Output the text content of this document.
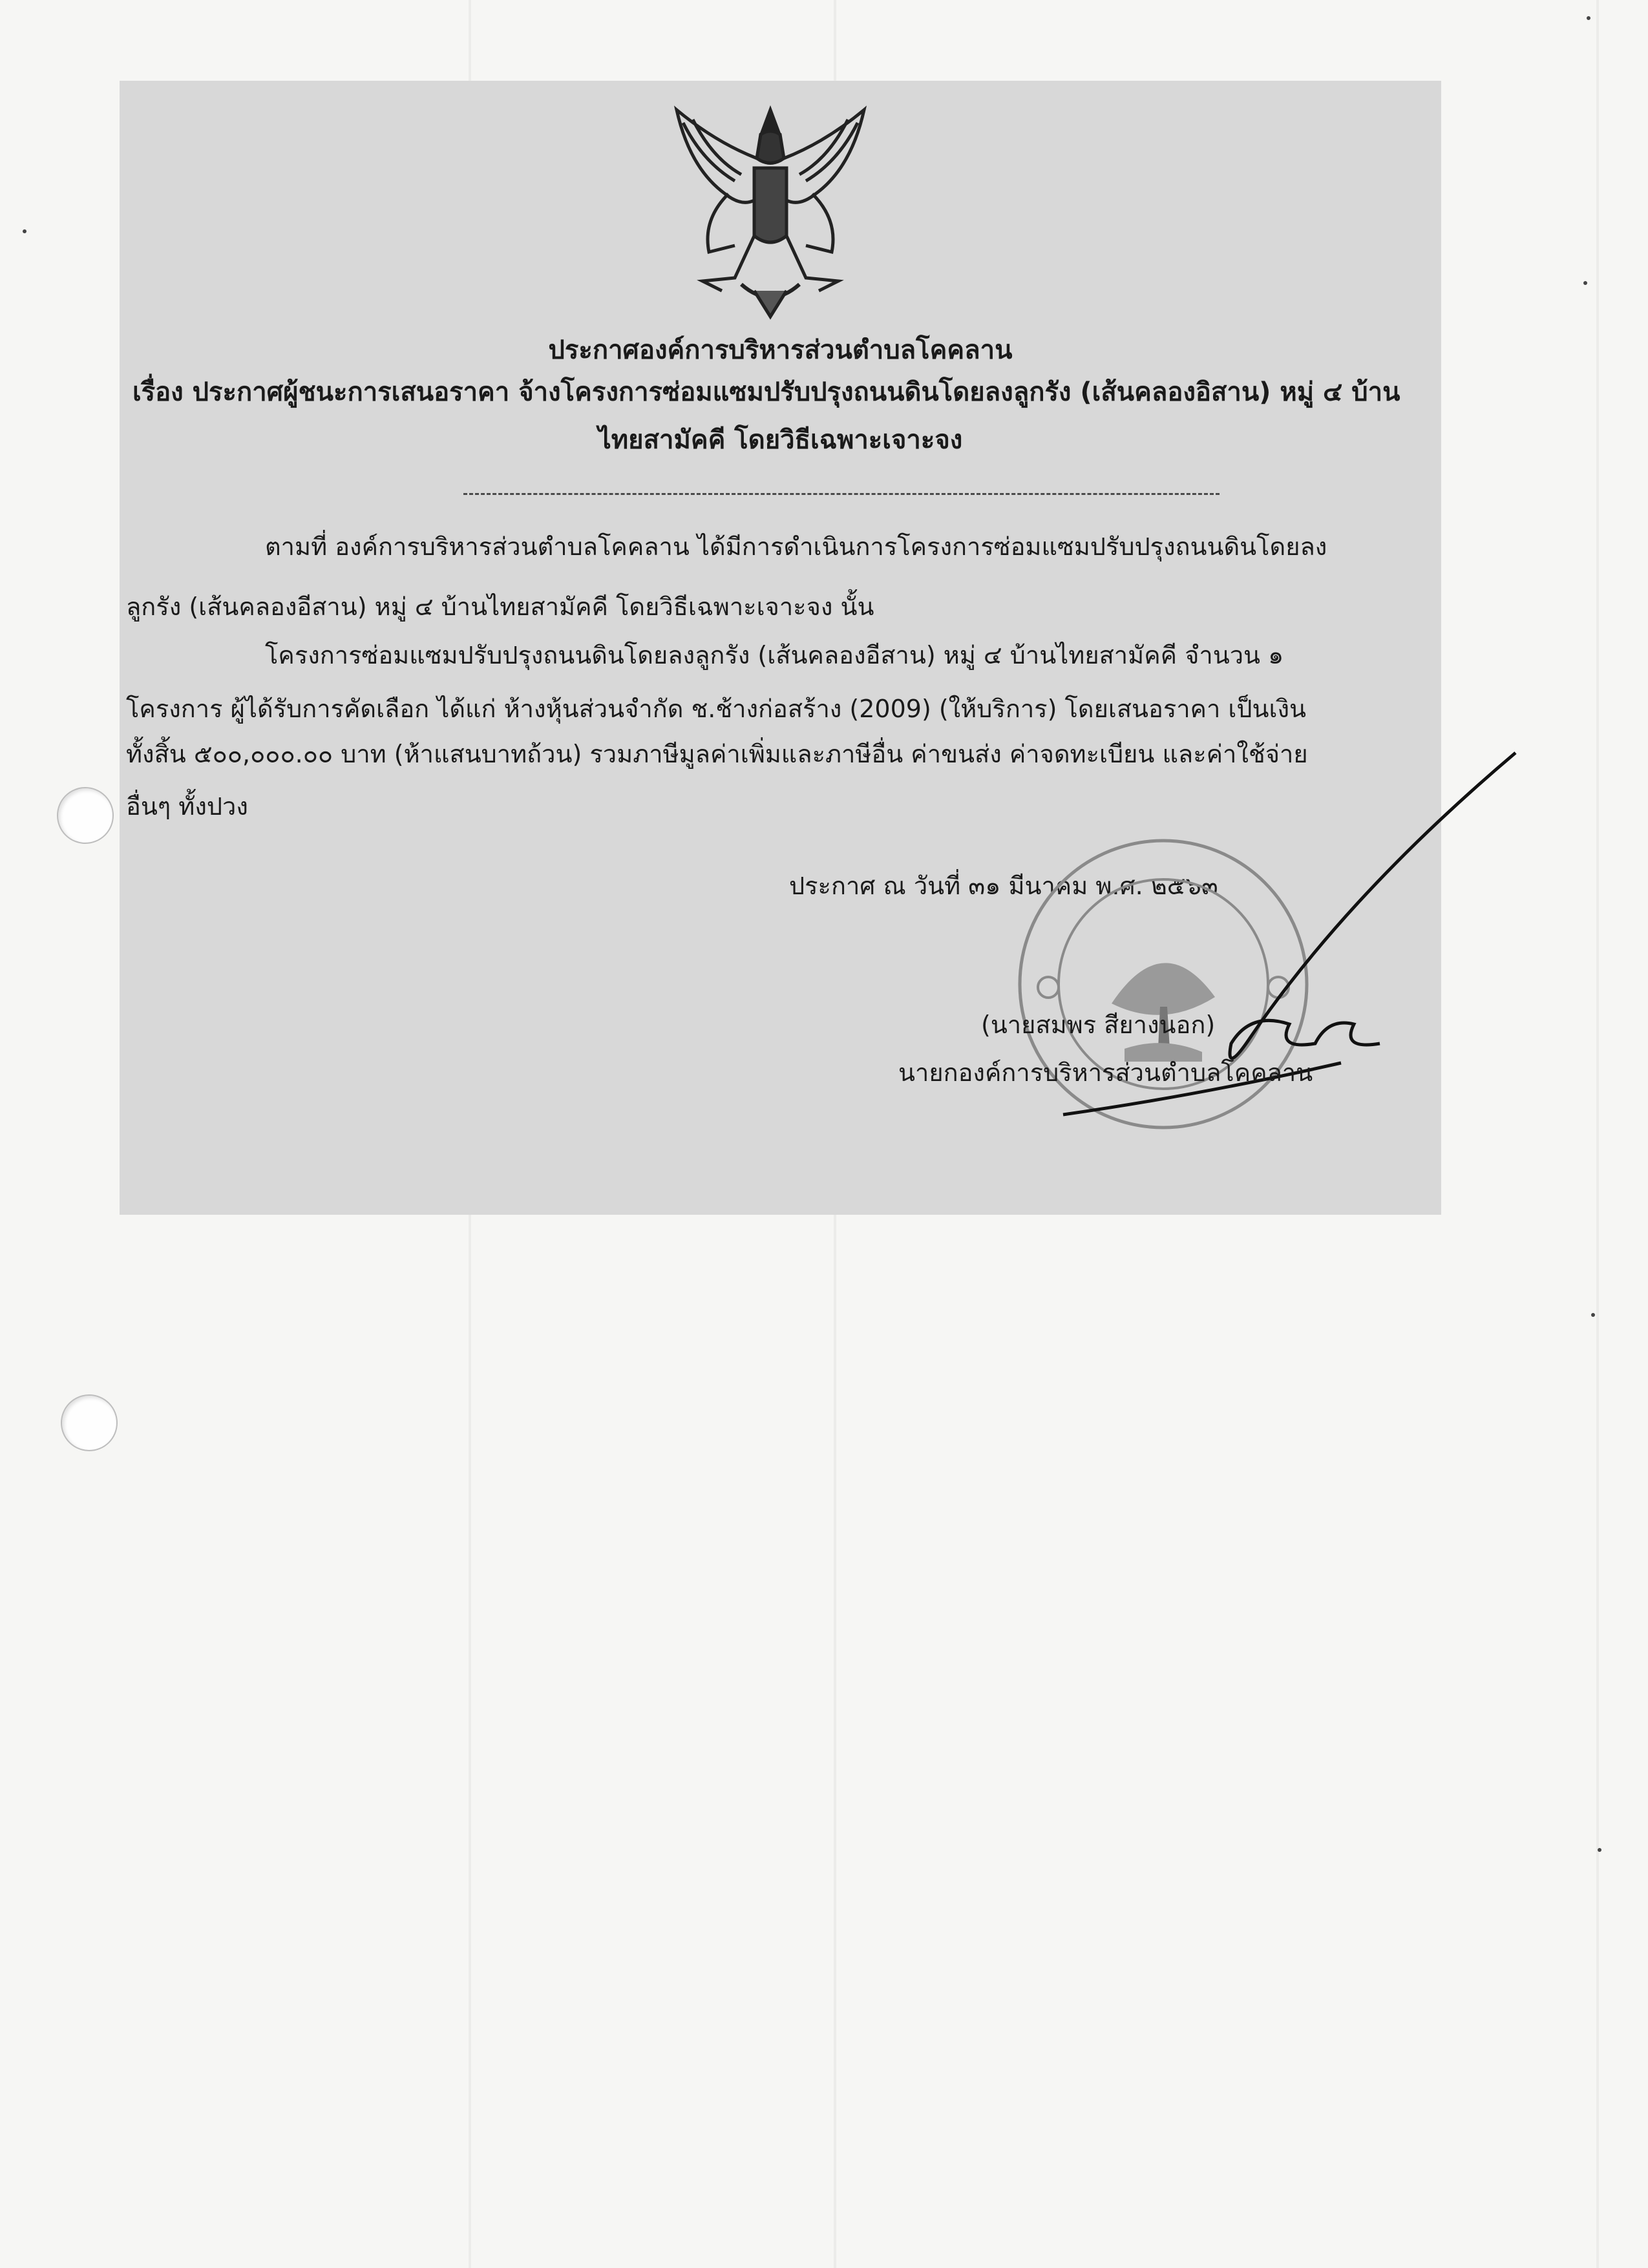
ประกาศองค์การบริหารส่วนตำบลโคคลาน
เรื่อง ประกาศผู้ชนะการเสนอราคา จ้างโครงการซ่อมแซมปรับปรุงถนนดินโดยลงลูกรัง (เส้นคลองอิสาน) หมู่ ๔ บ้าน
ไทยสามัคคี โดยวิธีเฉพาะเจาะจง
ตามที่ องค์การบริหารส่วนตำบลโคคลาน ได้มีการดำเนินการโครงการซ่อมแซมปรับปรุงถนนดินโดยลง
ลูกรัง (เส้นคลองอีสาน) หมู่ ๔ บ้านไทยสามัคคี โดยวิธีเฉพาะเจาะจง นั้น
โครงการซ่อมแซมปรับปรุงถนนดินโดยลงลูกรัง (เส้นคลองอีสาน) หมู่ ๔ บ้านไทยสามัคคี จำนวน ๑
โครงการ ผู้ได้รับการคัดเลือก ได้แก่ ห้างหุ้นส่วนจำกัด ช.ช้างก่อสร้าง (2009) (ให้บริการ) โดยเสนอราคา เป็นเงิน
ทั้งสิ้น ๕๐๐,๐๐๐.๐๐ บาท (ห้าแสนบาทถ้วน) รวมภาษีมูลค่าเพิ่มและภาษีอื่น ค่าขนส่ง ค่าจดทะเบียน และค่าใช้จ่าย
อื่นๆ ทั้งปวง
ประกาศ ณ วันที่ ๓๑ มีนาคม พ.ศ. ๒๕๖๓
(นายสมพร สียางนอก)
นายกองค์การบริหารส่วนตำบลโคคลาน
